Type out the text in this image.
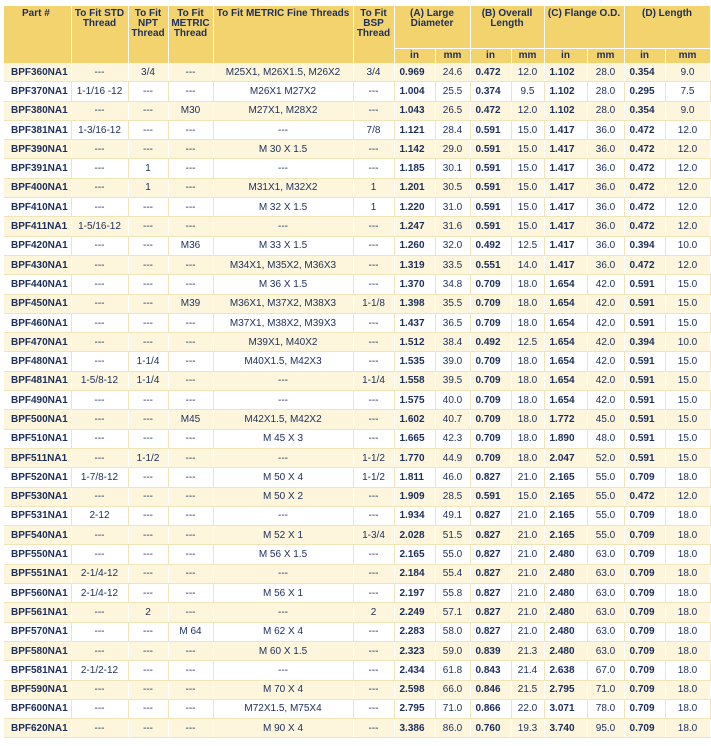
Part #	To Fit STD Thread	To Fit NPT Thread	To Fit METRIC Thread	To Fit METRIC Fine Threads	To Fit BSP Thread	(A) Large Diameter		(B) Overall Length		(C) Flange O.D.		(D) Length	
						in	mm	in	mm	in	mm	in	mm
BPF360NA1	---	3/4	---	M25X1, M26X1.5, M26X2	3/4	0.969	24.6	0.472	12.0	1.102	28.0	0.354	9.0
BPF370NA1	1-1/16 -12	---	---	M26X1 M27X2	---	1.004	25.5	0.374	9.5	1.102	28.0	0.295	7.5
BPF380NA1	---	---	M30	M27X1, M28X2	---	1.043	26.5	0.472	12.0	1.102	28.0	0.354	9.0
BPF381NA1	1-3/16-12	---	---	---	7/8	1.121	28.4	0.591	15.0	1.417	36.0	0.472	12.0
BPF390NA1	---	---	---	M 30 X 1.5	---	1.142	29.0	0.591	15.0	1.417	36.0	0.472	12.0
BPF391NA1	---	1	---	---	---	1.185	30.1	0.591	15.0	1.417	36.0	0.472	12.0
BPF400NA1	---	1	---	M31X1, M32X2	1	1.201	30.5	0.591	15.0	1.417	36.0	0.472	12.0
BPF410NA1	---	---	---	M 32 X 1.5	1	1.220	31.0	0.591	15.0	1.417	36.0	0.472	12.0
BPF411NA1	1-5/16-12	---	---	---	---	1.247	31.6	0.591	15.0	1.417	36.0	0.472	12.0
BPF420NA1	---	---	M36	M 33 X 1.5	---	1.260	32.0	0.492	12.5	1.417	36.0	0.394	10.0
BPF430NA1	---	---	---	M34X1, M35X2, M36X3	---	1.319	33.5	0.551	14.0	1.417	36.0	0.472	12.0
BPF440NA1	---	---	---	M 36 X 1.5	---	1.370	34.8	0.709	18.0	1.654	42.0	0.591	15.0
BPF450NA1	---	---	M39	M36X1, M37X2, M38X3	1-1/8	1.398	35.5	0.709	18.0	1.654	42.0	0.591	15.0
BPF460NA1	---	---	---	M37X1, M38X2, M39X3	---	1.437	36.5	0.709	18.0	1.654	42.0	0.591	15.0
BPF470NA1	---	---	---	M39X1, M40X2	---	1.512	38.4	0.492	12.5	1.654	42.0	0.394	10.0
BPF480NA1	---	1-1/4	---	M40X1.5, M42X3	---	1.535	39.0	0.709	18.0	1.654	42.0	0.591	15.0
BPF481NA1	1-5/8-12	1-1/4	---	---	1-1/4	1.558	39.5	0.709	18.0	1.654	42.0	0.591	15.0
BPF490NA1	---	---	---	---	---	1.575	40.0	0.709	18.0	1.654	42.0	0.591	15.0
BPF500NA1	---	---	M45	M42X1.5, M42X2	---	1.602	40.7	0.709	18.0	1.772	45.0	0.591	15.0
BPF510NA1	---	---	---	M 45 X 3	---	1.665	42.3	0.709	18.0	1.890	48.0	0.591	15.0
BPF511NA1	---	1-1/2	---	---	1-1/2	1.770	44.9	0.709	18.0	2.047	52.0	0.591	15.0
BPF520NA1	1-7/8-12	---	---	M 50 X 4	1-1/2	1.811	46.0	0.827	21.0	2.165	55.0	0.709	18.0
BPF530NA1	---	---	---	M 50 X 2	---	1.909	28.5	0.591	15.0	2.165	55.0	0.472	12.0
BPF531NA1	2-12	---	---	---	---	1.934	49.1	0.827	21.0	2.165	55.0	0.709	18.0
BPF540NA1	---	---	---	M 52 X 1	1-3/4	2.028	51.5	0.827	21.0	2.165	55.0	0.709	18.0
BPF550NA1	---	---	---	M 56 X 1.5	---	2.165	55.0	0.827	21.0	2.480	63.0	0.709	18.0
BPF551NA1	2-1/4-12	---	---	---	---	2.184	55.4	0.827	21.0	2.480	63.0	0.709	18.0
BPF560NA1	2-1/4-12	---	---	M 56 X 1	---	2.197	55.8	0.827	21.0	2.480	63.0	0.709	18.0
BPF561NA1	---	2	---	---	2	2.249	57.1	0.827	21.0	2.480	63.0	0.709	18.0
BPF570NA1	---	---	M 64	M 62 X 4	---	2.283	58.0	0.827	21.0	2.480	63.0	0.709	18.0
BPF580NA1	---	---	---	M 60 X 1.5	---	2.323	59.0	0.839	21.3	2.480	63.0	0.709	18.0
BPF581NA1	2-1/2-12	---	---	---	---	2.434	61.8	0.843	21.4	2.638	67.0	0.709	18.0
BPF590NA1	---	---	---	M 70 X 4	---	2.598	66.0	0.846	21.5	2.795	71.0	0.709	18.0
BPF600NA1	---	---	---	M72X1.5, M75X4	---	2.795	71.0	0.866	22.0	3.071	78.0	0.709	18.0
BPF620NA1	---	---	---	M 90 X 4	---	3.386	86.0	0.760	19.3	3.740	95.0	0.709	18.0
